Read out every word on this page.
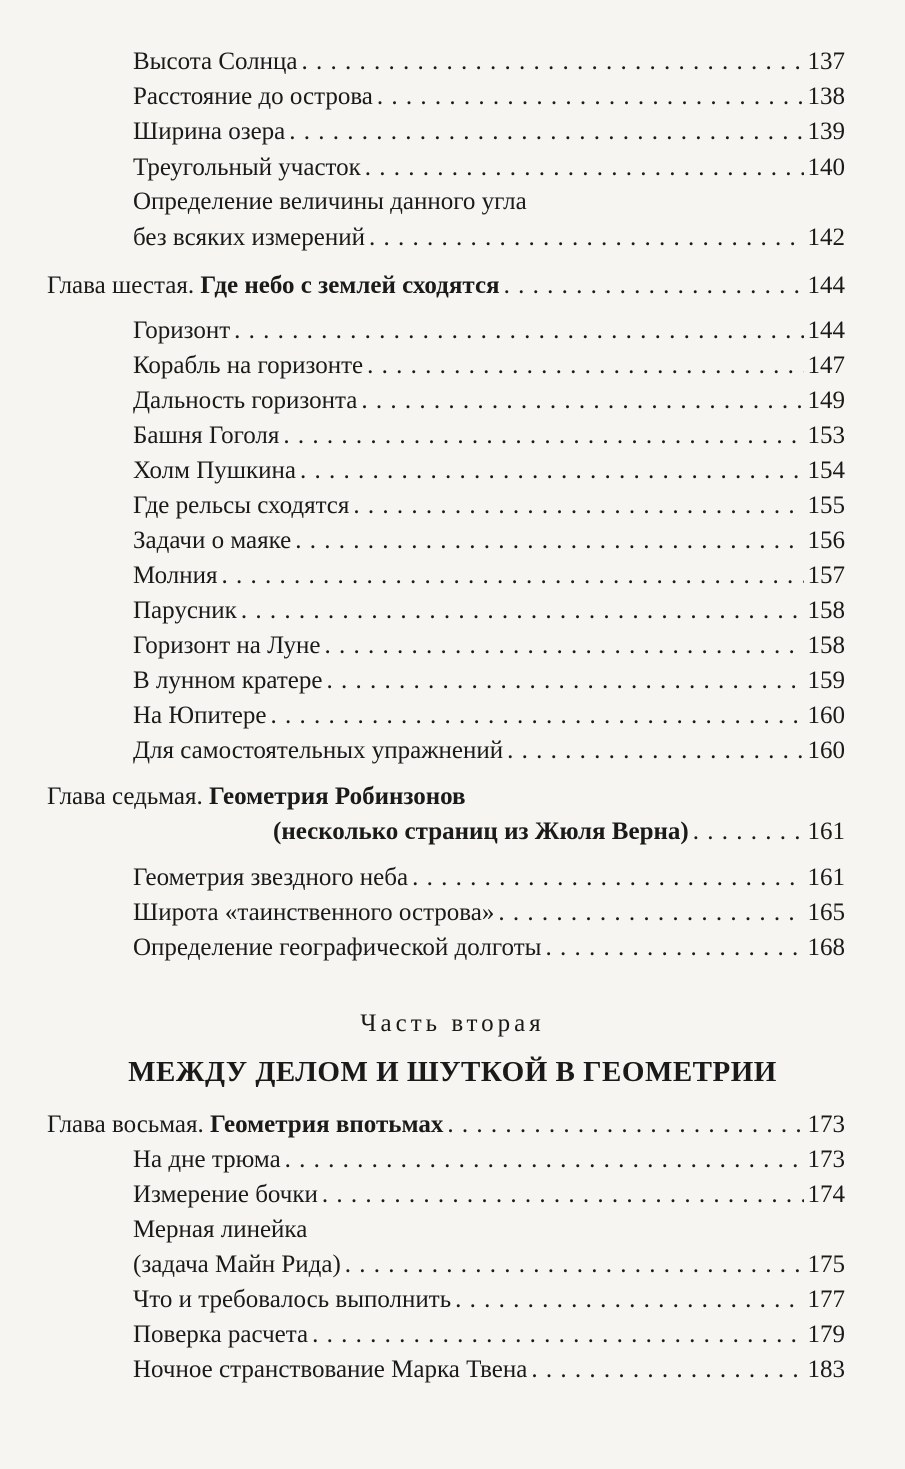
Высота Солнца . . .	137
Расстояние до острова . . .	138
Ширина озера . . .	139
Треугольный участок . . .	140
Определение величины данного угла
без всяких измерений . . .	142
Глава шестая. Где небо с землей сходятся . . .	144
Горизонт . . .	144
Корабль на горизонте . . .	147
Дальность горизонта . . .	149
Башня Гоголя . . .	153
Холм Пушкина . . .	154
Где рельсы сходятся . . .	155
Задачи о маяке . . .	156
Молния . . .	157
Парусник . . .	158
Горизонт на Луне . . .	158
В лунном кратере . . .	159
На Юпитере . . .	160
Для самостоятельных упражнений . . .	160
Глава седьмая. Геометрия Робинзонов
(несколько страниц из Жюля Верна) . . .	161
Геометрия звездного неба . . .	161
Широта «таинственного острова» . . .	165
Определение географической долготы . . .	168
Глава восьмая. Геометрия впотьмах . . .	173
На дне трюма . . .	173
Измерение бочки . . .	174
Мерная линейка
(задача Майн Рида) . . .	175
Что и требовалось выполнить . . .	177
Поверка расчета . . .	179
Ночное странствование Марка Твена . . .	183
Часть вторая
МЕЖДУ ДЕЛОМ И ШУТКОЙ В ГЕОМЕТРИИ
